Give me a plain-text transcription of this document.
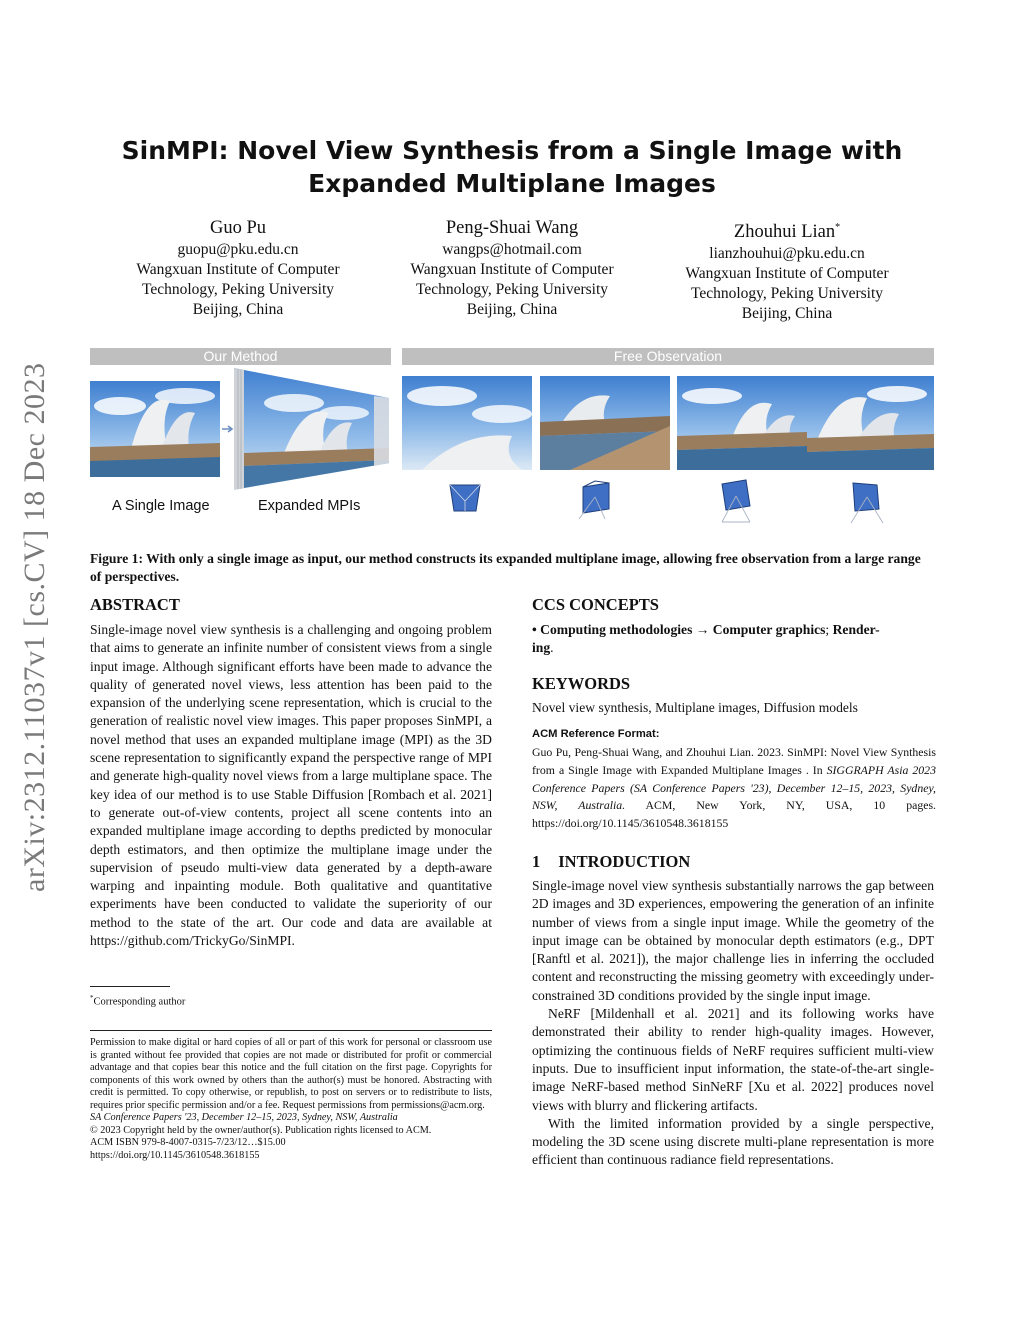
arXiv:2312.11037v1 [cs.CV] 18 Dec 2023
SinMPI: Novel View Synthesis from a Single Image with
Expanded Multiplane Images
Guo Pu
guopu@pku.edu.cn
Wangxuan Institute of Computer
Technology, Peking University
Beijing, China
Peng-Shuai Wang
wangps@hotmail.com
Wangxuan Institute of Computer
Technology, Peking University
Beijing, China
Zhouhui Lian*
lianzhouhui@pku.edu.cn
Wangxuan Institute of Computer
Technology, Peking University
Beijing, China
Our Method	Free Observation
A Single Image	Expanded MPIs
Figure 1: With only a single image as input, our method constructs its expanded multiplane image, allowing free observation from a large range of perspectives.
ABSTRACT
Single-image novel view synthesis is a challenging and ongoing problem that aims to generate an infinite number of consistent views from a single input image. Although significant efforts have been made to advance the quality of generated novel views, less attention has been paid to the expansion of the underlying scene representation, which is crucial to the generation of realistic novel view images. This paper proposes SinMPI, a novel method that uses an expanded multiplane image (MPI) as the 3D scene representation to significantly expand the perspective range of MPI and generate high-quality novel views from a large multiplane space. The key idea of our method is to use Stable Diffusion [Rombach et al. 2021] to generate out-of-view contents, project all scene contents into an expanded multiplane image according to depths predicted by monocular depth estimators, and then optimize the multiplane image under the supervision of pseudo multi-view data generated by a depth-aware warping and inpainting module. Both qualitative and quantitative experiments have been conducted to validate the superiority of our method to the state of the art. Our code and data are available at https://github.com/TrickyGo/SinMPI.
*Corresponding author
Permission to make digital or hard copies of all or part of this work for personal or classroom use is granted without fee provided that copies are not made or distributed for profit or commercial advantage and that copies bear this notice and the full citation on the first page. Copyrights for components of this work owned by others than the author(s) must be honored. Abstracting with credit is permitted. To copy otherwise, or republish, to post on servers or to redistribute to lists, requires prior specific permission and/or a fee. Request permissions from permissions@acm.org.
SA Conference Papers '23, December 12–15, 2023, Sydney, NSW, Australia
© 2023 Copyright held by the owner/author(s). Publication rights licensed to ACM.
ACM ISBN 979-8-4007-0315-7/23/12…$15.00
https://doi.org/10.1145/3610548.3618155
CCS CONCEPTS
• Computing methodologies → Computer graphics; Render-
ing.
KEYWORDS
Novel view synthesis, Multiplane images, Diffusion models
ACM Reference Format:
Guo Pu, Peng-Shuai Wang, and Zhouhui Lian. 2023. SinMPI: Novel View Synthesis from a Single Image with Expanded Multiplane Images . In SIGGRAPH Asia 2023 Conference Papers (SA Conference Papers '23), December 12–15, 2023, Sydney, NSW, Australia. ACM, New York, NY, USA, 10 pages. https://doi.org/10.1145/3610548.3618155
1 INTRODUCTION
Single-image novel view synthesis substantially narrows the gap between 2D images and 3D experiences, empowering the generation of an infinite number of views from a single input image. While the geometry of the input image can be obtained by monocular depth estimators (e.g., DPT [Ranftl et al. 2021]), the major challenge lies in inferring the occluded content and reconstructing the missing geometry with exceedingly under-constrained 3D conditions provided by the single input image.
NeRF [Mildenhall et al. 2021] and its following works have demonstrated their ability to render high-quality images. However, optimizing the continuous fields of NeRF requires sufficient multi-view inputs. Due to insufficient input information, the state-of-the-art single-image NeRF-based method SinNeRF [Xu et al. 2022] produces novel views with blurry and flickering artifacts.
With the limited information provided by a single perspective, modeling the 3D scene using discrete multi-plane representation is more efficient than continuous radiance field representations.
